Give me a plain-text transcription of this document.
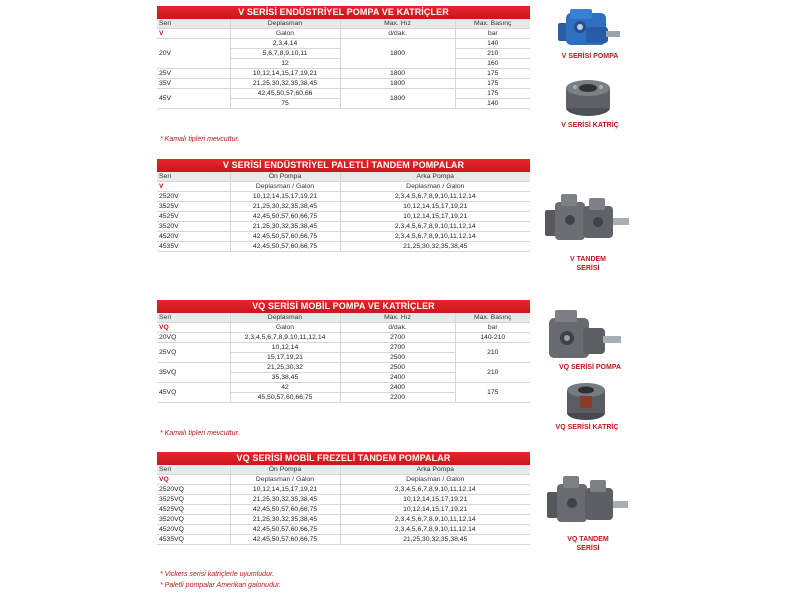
V SERİSİ ENDÜSTRİYEL POMPA VE KATRİÇLER
Seri	Deplasman	Max. Hız	Max. Basınç
V	Galon	d/dak.	bar
20V	2,3,4,14	1800	140
	5,6,7,8,9,10,11		210
	12		160
25V	10,12,14,15,17,19,21	1800	175
35V	21,25,30,32,35,38,45	1800	175
45V	42,45,50,57,60,66	1800	175
	75		140
* Kamalı tipleri mevcuttur.
V SERİSİ ENDÜSTRİYEL PALETLİ TANDEM POMPALAR
Seri	Ön Pompa	Arka Pompa
V	Deplasman / Galon	Deplasman / Galon
2520V	10,12,14,15,17,19,21	2,3,4,5,6,7,8,9,10,11,12,14
3525V	21,25,30,32,35,38,45	10,12,14,15,17,19,21
4525V	42,45,50,57,60,66,75	10,12,14,15,17,19,21
3520V	21,25,30,32,35,38,45	2,3,4,5,6,7,8,9,10,11,12,14
4520V	42,45,50,57,60,66,75	2,3,4,5,6,7,8,9,10,11,12,14
4535V	42,45,50,57,60,66,75	21,25,30,32,35,38,45
VQ SERİSİ MOBİL POMPA VE KATRİÇLER
Seri	Deplasman	Max. Hız	Max. Basınç
VQ	Galon	d/dak.	bar
20VQ	2,3,4,5,6,7,8,9,10,11,12,14	2700	140-210
25VQ	10,12,14	2700	210
	15,17,19,21	2500	
35VQ	21,25,30,32	2500	210
	35,38,45	2400	
45VQ	42	2400	175
	45,50,57,60,66,75	2200	
* Kamalı tipleri mevcuttur.
VQ SERİSİ MOBİL FREZELİ TANDEM POMPALAR
Seri	Ön Pompa	Arka Pompa
VQ	Deplasman / Galon	Deplasman / Galon
2520VQ	10,12,14,15,17,19,21	2,3,4,5,6,7,8,9,10,11,12,14
3525VQ	21,25,30,32,35,38,45	10,12,14,15,17,19,21
4525VQ	42,45,50,57,60,66,75	10,12,14,15,17,19,21
3520VQ	21,25,30,32,35,38,45	2,3,4,5,6,7,8,9,10,11,12,14
4520VQ	42,45,50,57,60,66,75	2,3,4,5,6,7,8,9,10,11,12,14
4535VQ	42,45,50,57,60,66,75	21,25,30,32,35,38,45
* Vickers serisi katriçlerle uyumludur.
* Paletli pompalar Amerikan galonudur.
V SERİSİ POMPA
V SERİSİ KATRİÇ
V TANDEM
SERİSİ
VQ SERİSİ POMPA
VQ SERİSİ KATRİÇ
VQ TANDEM
SERİSİ
